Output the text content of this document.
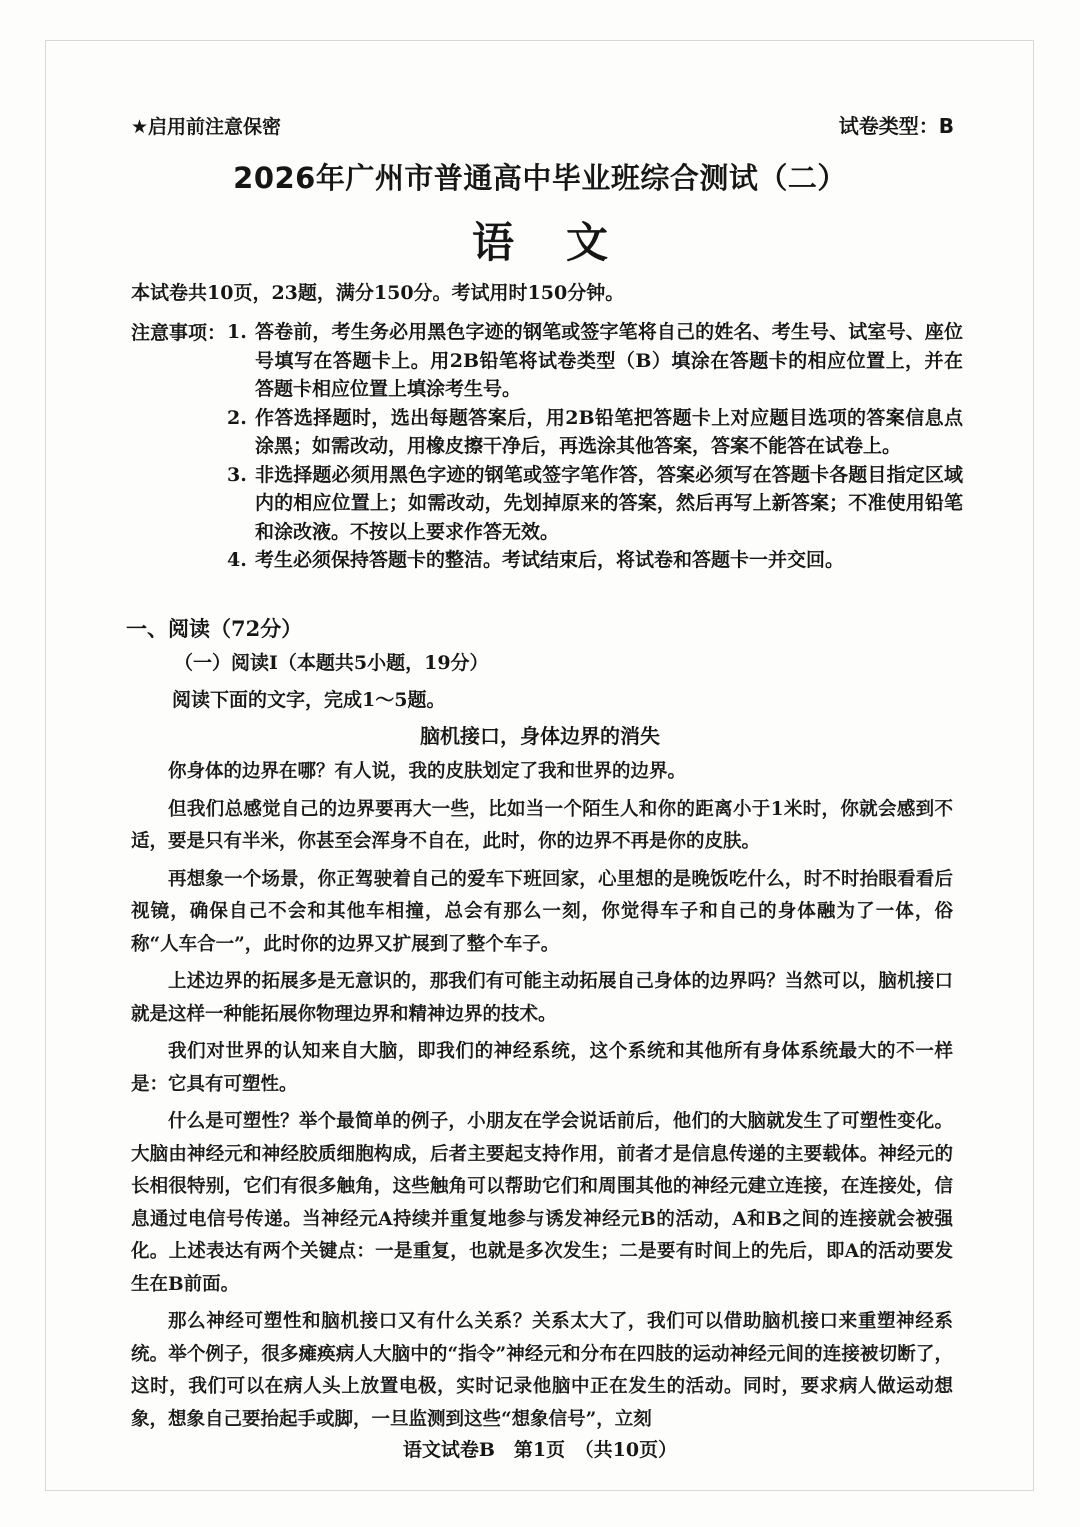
★启用前注意保密	试卷类型：B
2026年广州市普通高中毕业班综合测试（二）
语文
本试卷共10页，23题，满分150分。考试用时150分钟。
注意事项： 1. 答卷前，考生务必用黑色字迹的钢笔或签字笔将自己的姓名、考生号、试室号、座位号填写在答题卡上。用2B铅笔将试卷类型（B）填涂在答题卡的相应位置上，并在答题卡相应位置上填涂考生号。
2. 作答选择题时，选出每题答案后，用2B铅笔把答题卡上对应题目选项的答案信息点涂黑；如需改动，用橡皮擦干净后，再选涂其他答案，答案不能答在试卷上。
3. 非选择题必须用黑色字迹的钢笔或签字笔作答，答案必须写在答题卡各题目指定区域内的相应位置上；如需改动，先划掉原来的答案，然后再写上新答案；不准使用铅笔和涂改液。不按以上要求作答无效。
4. 考生必须保持答题卡的整洁。考试结束后，将试卷和答题卡一并交回。
一、阅读（72分）
（一）阅读Ⅰ（本题共5小题，19分）
阅读下面的文字，完成1～5题。
脑机接口，身体边界的消失

你身体的边界在哪？有人说，我的皮肤划定了我和世界的边界。

但我们总感觉自己的边界要再大一些，比如当一个陌生人和你的距离小于1米时，你就会感到不适，要是只有半米，你甚至会浑身不自在，此时，你的边界不再是你的皮肤。

再想象一个场景，你正驾驶着自己的爱车下班回家，心里想的是晚饭吃什么，时不时抬眼看看后视镜，确保自己不会和其他车相撞，总会有那么一刻，你觉得车子和自己的身体融为了一体，俗称“人车合一”，此时你的边界又扩展到了整个车子。

上述边界的拓展多是无意识的，那我们有可能主动拓展自己身体的边界吗？当然可以，脑机接口就是这样一种能拓展你物理边界和精神边界的技术。

我们对世界的认知来自大脑，即我们的神经系统，这个系统和其他所有身体系统最大的不一样是：它具有可塑性。

什么是可塑性？举个最简单的例子，小朋友在学会说话前后，他们的大脑就发生了可塑性变化。大脑由神经元和神经胶质细胞构成，后者主要起支持作用，前者才是信息传递的主要载体。神经元的长相很特别，它们有很多触角，这些触角可以帮助它们和周围其他的神经元建立连接，在连接处，信息通过电信号传递。当神经元A持续并重复地参与诱发神经元B的活动，A和B之间的连接就会被强化。上述表达有两个关键点：一是重复，也就是多次发生；二是要有时间上的先后，即A的活动要发生在B前面。

那么神经可塑性和脑机接口又有什么关系？关系太大了，我们可以借助脑机接口来重塑神经系统。举个例子，很多瘫痪病人大脑中的“指令”神经元和分布在四肢的运动神经元间的连接被切断了，这时，我们可以在病人头上放置电极，实时记录他脑中正在发生的活动。同时，要求病人做运动想象，想象自己要抬起手或脚，一旦监测到这些“想象信号”，立刻

语文试卷B　第1页　（共10页）
